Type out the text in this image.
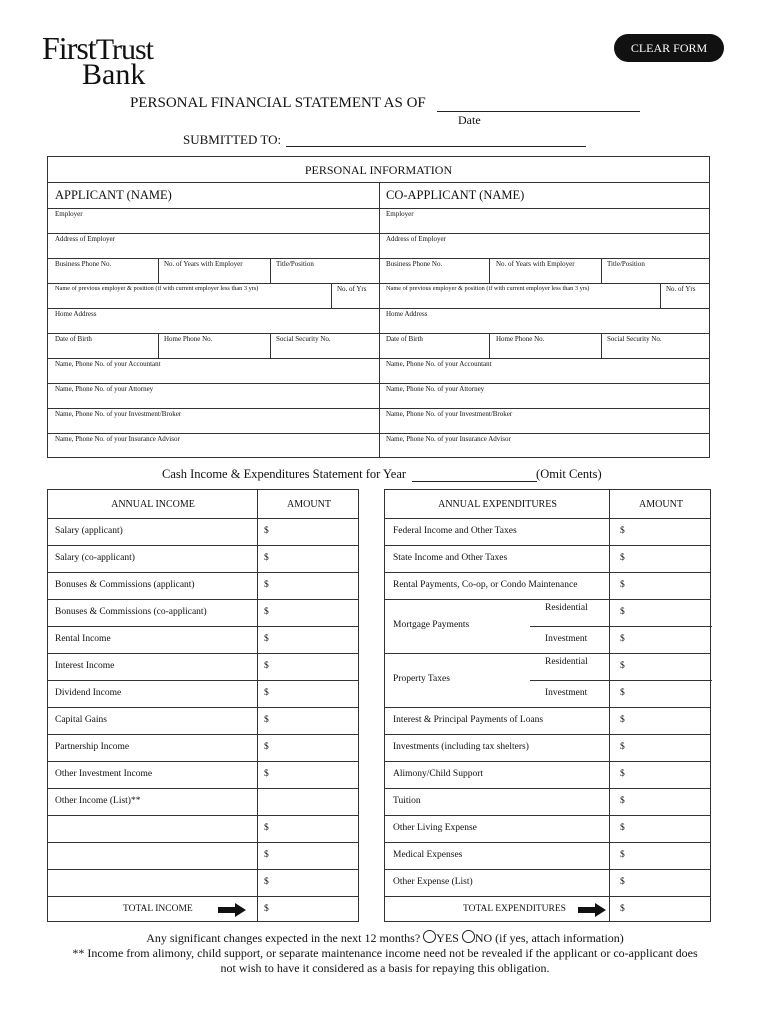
FirstTrust
Bank
CLEAR FORM
PERSONAL FINANCIAL STATEMENT AS OF
Date
SUBMITTED TO:
PERSONAL INFORMATION
APPLICANT (NAME)
Employer
Address of Employer
Business Phone No.	No. of Years with Employer	Title/Position
Name of previous employer & position (if with current employer less than 3 yrs)	No. of Yrs
Home Address
Date of Birth	Home Phone No.	Social Security No.
Name, Phone No. of your Accountant
Name, Phone No. of your Attorney
Name, Phone No. of your Investment/Broker
Name, Phone No. of your Insurance Advisor
CO-APPLICANT (NAME)
Employer
Address of Employer
Business Phone No.	No. of Years with Employer	Title/Position
Name of previous employer & position (if with current employer less than 3 yrs)	No. of Yrs
Home Address
Date of Birth	Home Phone No.	Social Security No.
Name, Phone No. of your Accountant
Name, Phone No. of your Attorney
Name, Phone No. of your Investment/Broker
Name, Phone No. of your Insurance Advisor
Cash Income & Expenditures Statement for Year	(Omit Cents)
ANNUAL INCOME	AMOUNT
Salary (applicant)	$
Salary (co-applicant)	$
Bonuses & Commissions (applicant)	$
Bonuses & Commissions (co-applicant)	$
Rental Income	$
Interest Income	$
Dividend Income	$
Capital Gains	$
Partnership Income	$
Other Investment Income	$
Other Income (List)**
$
$
$
TOTAL INCOME	$
ANNUAL EXPENDITURES	AMOUNT
Federal Income and Other Taxes	$
State Income and Other Taxes	$
Rental Payments, Co-op, or Condo Maintenance	$
Mortgage Payments
Residential	$
Investment	$
Property Taxes
Residential	$
Investment	$
Interest & Principal Payments of Loans	$
Investments (including tax shelters)	$
Alimony/Child Support	$
Tuition	$
Other Living Expense	$
Medical Expenses	$
Other Expense (List)	$
TOTAL EXPENDITURES	$
Any significant changes expected in the next 12 months? YES NO (if yes, attach information)
** Income from alimony, child support, or separate maintenance income need not be revealed if the applicant or co-applicant does
not wish to have it considered as a basis for repaying this obligation.
